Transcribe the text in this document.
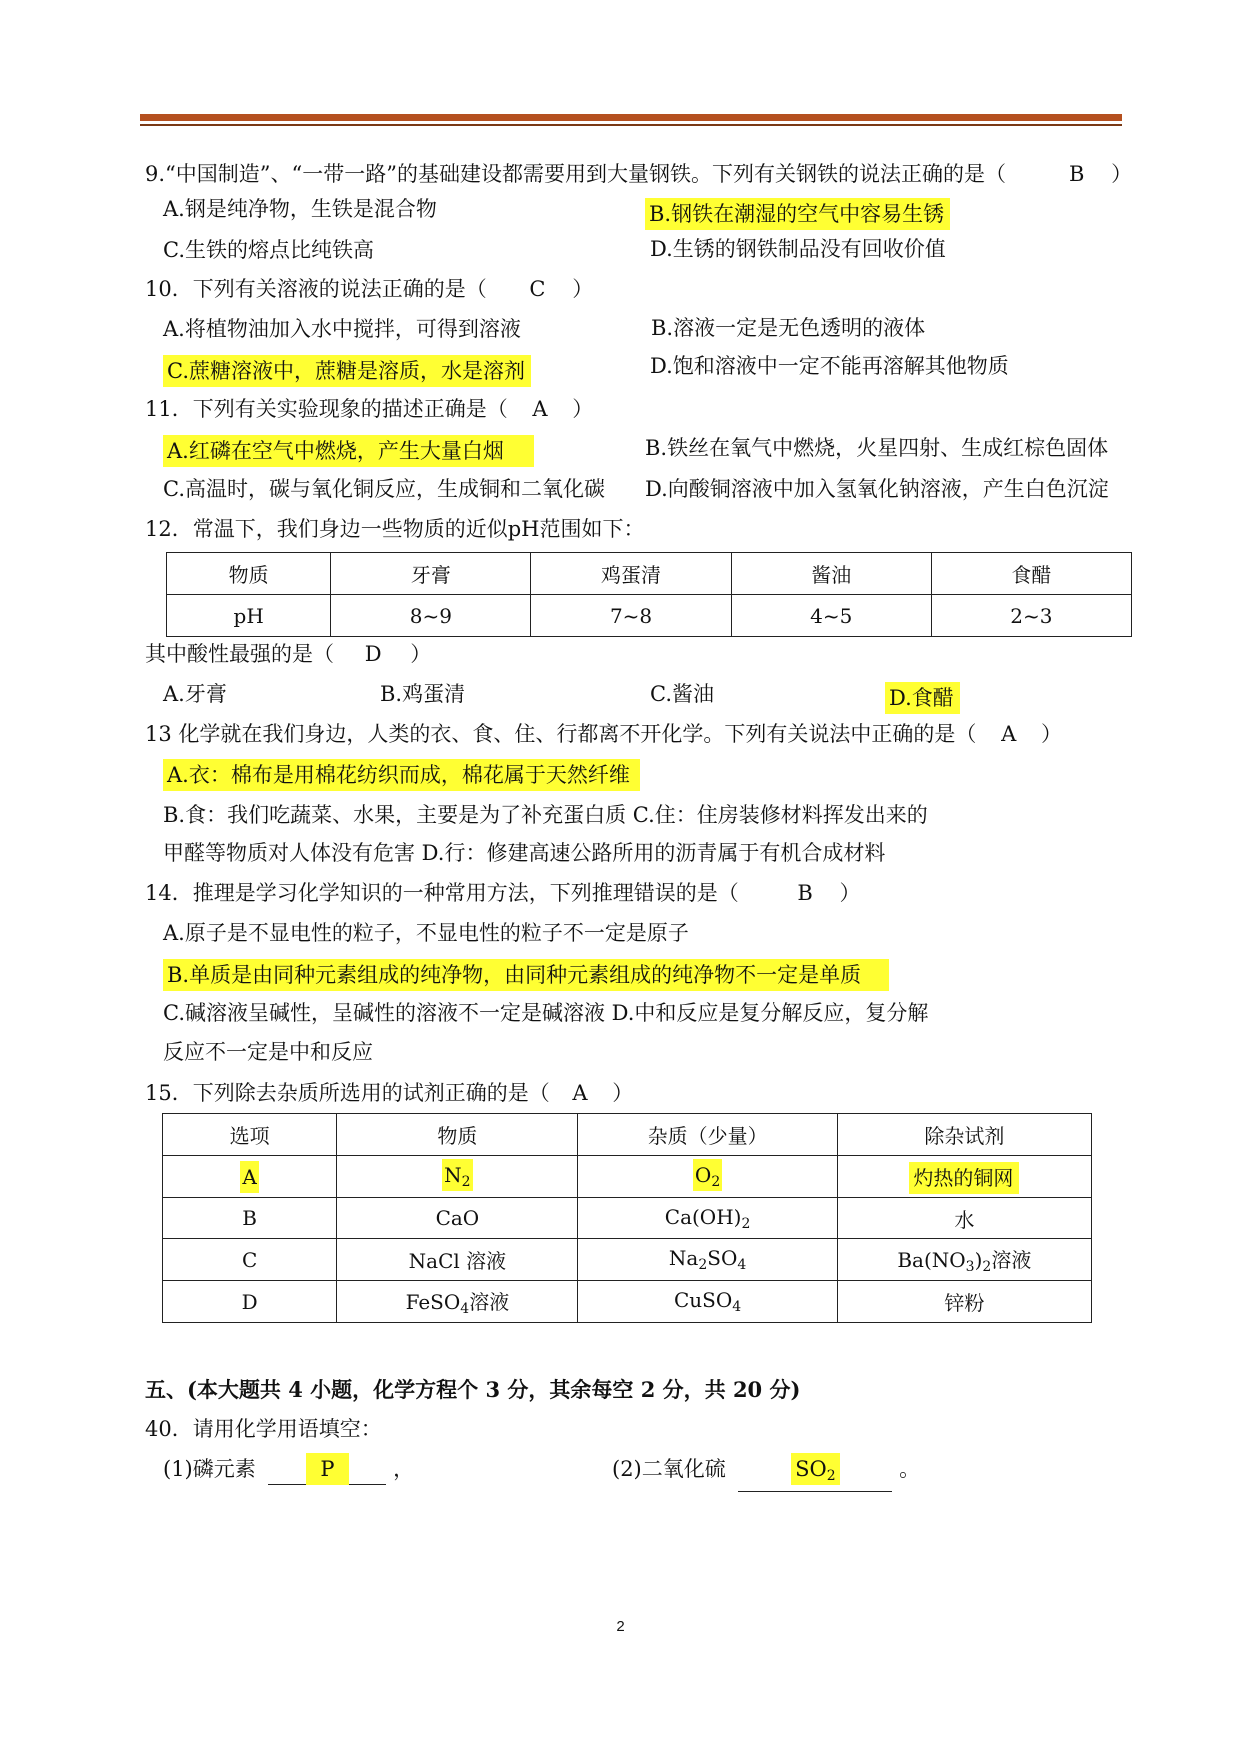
9.“中国制造”、“一带一路”的基础建设都需要用到大量钢铁。下列有关钢铁的说法正确的是（	B ）
A.钢是纯净物，生铁是混合物	B.钢铁在潮湿的空气中容易生锈
C.生铁的熔点比纯铁高	D.生锈的钢铁制品没有回收价值
10．下列有关溶液的说法正确的是（ C ）
A.将植物油加入水中搅拌，可得到溶液	B.溶液一定是无色透明的液体
C.蔗糖溶液中，蔗糖是溶质，水是溶剂	D.饱和溶液中一定不能再溶解其他物质
11．下列有关实验现象的描述正确是（ A ）
A.红磷在空气中燃烧，产生大量白烟	B.铁丝在氧气中燃烧，火星四射、生成红棕色固体
C.高温时，碳与氧化铜反应，生成铜和二氧化碳 D.向酸铜溶液中加入氢氧化钠溶液，产生白色沉淀
12．常温下，我们身边一些物质的近似pH范围如下：
物质	牙膏	鸡蛋清	酱油	食醋
pH	8~9	7~8	4~5	2~3
其中酸性最强的是（ D ）
A.牙膏	B.鸡蛋清	C.酱油	D.食醋
13 化学就在我们身边，人类的衣、食、住、行都离不开化学。下列有关说法中正确的是（ A ）
A.衣：棉布是用棉花纺织而成，棉花属于天然纤维
B.食：我们吃蔬菜、水果，主要是为了补充蛋白质 C.住：住房装修材料挥发出来的
甲醛等物质对人体没有危害 D.行：修建高速公路所用的沥青属于有机合成材料
14．推理是学习化学知识的一种常用方法，下列推理错误的是（	B ）
A.原子是不显电性的粒子，不显电性的粒子不一定是原子
B.单质是由同种元素组成的纯净物，由同种元素组成的纯净物不一定是单质
C.碱溶液呈碱性，呈碱性的溶液不一定是碱溶液 D.中和反应是复分解反应，复分解
反应不一定是中和反应
15．下列除去杂质所选用的试剂正确的是（ A ）
选项	物质	杂质（少量）	除杂试剂
A	$N_2$	$O_2$	灼热的铜网
B	CaO	$Ca(OH)_2$	水
C	NaCl 溶液	$Na_2SO_4$	$Ba(NO_3)_2$溶液
D	FeSO$_4$溶液	CuSO$_4$	锌粉
五、(本大题共 4 小题，化学方程个 3 分，其余每空 2 分，共 20 分)
40．请用化学用语填空：
(1)磷元素	P	，	(2)二氧化硫	$SO_2$	。
2
